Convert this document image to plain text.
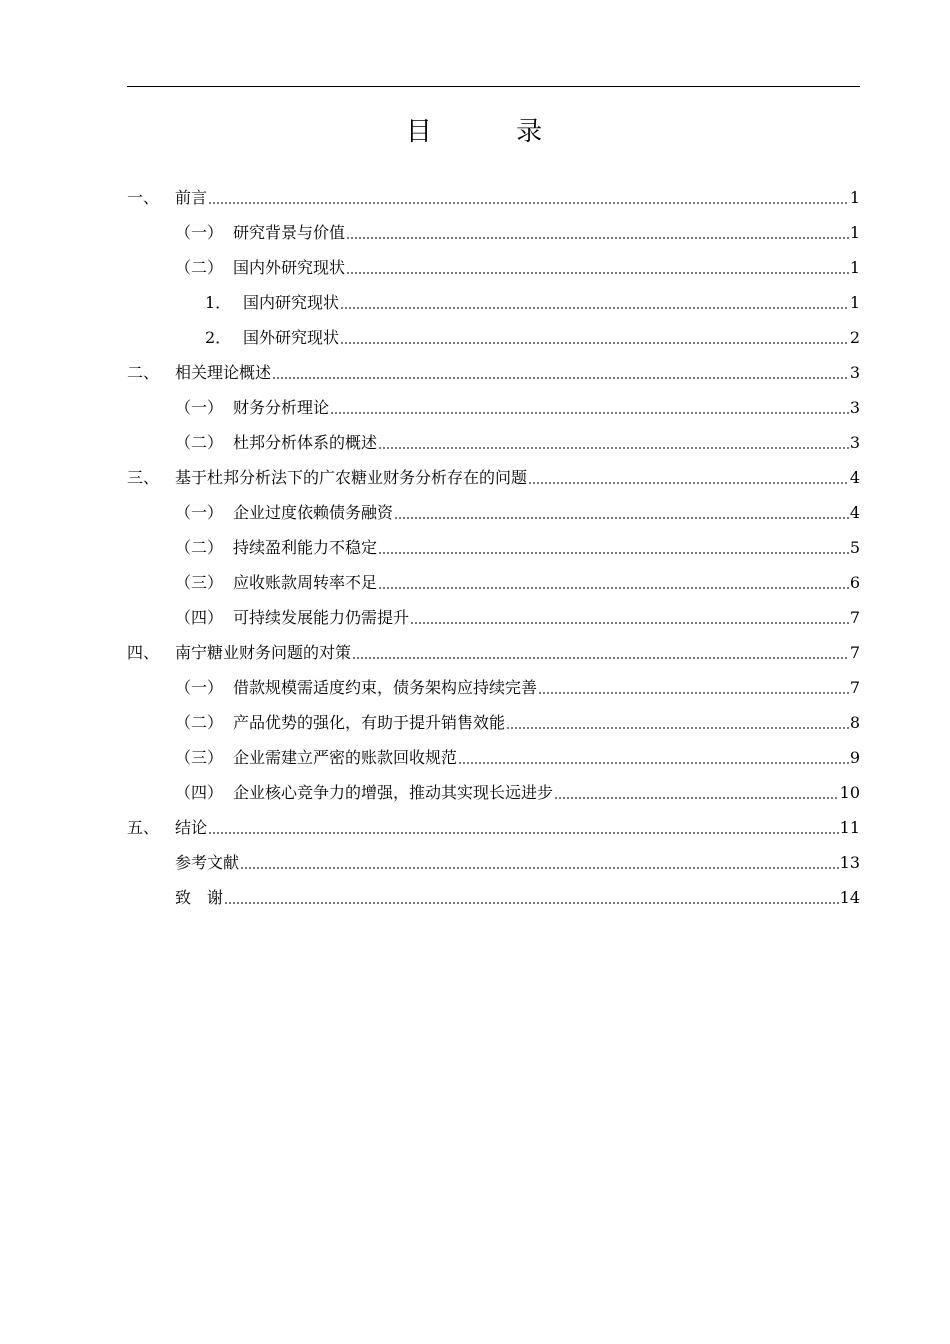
目 录
一、 前言	1
（一） 研究背景与价值	1
（二） 国内外研究现状	1
1． 国内研究现状	1
2． 国外研究现状	2
二、 相关理论概述	3
（一） 财务分析理论	3
（二） 杜邦分析体系的概述	3
三、 基于杜邦分析法下的广农糖业财务分析存在的问题	4
（一） 企业过度依赖债务融资	4
（二） 持续盈利能力不稳定	5
（三） 应收账款周转率不足	6
（四） 可持续发展能力仍需提升	7
四、 南宁糖业财务问题的对策	7
（一） 借款规模需适度约束，债务架构应持续完善	7
（二） 产品优势的强化，有助于提升销售效能	8
（三） 企业需建立严密的账款回收规范	9
（四） 企业核心竞争力的增强，推动其实现长远进步	10
五、 结论	11
参考文献	13
致　谢	14
